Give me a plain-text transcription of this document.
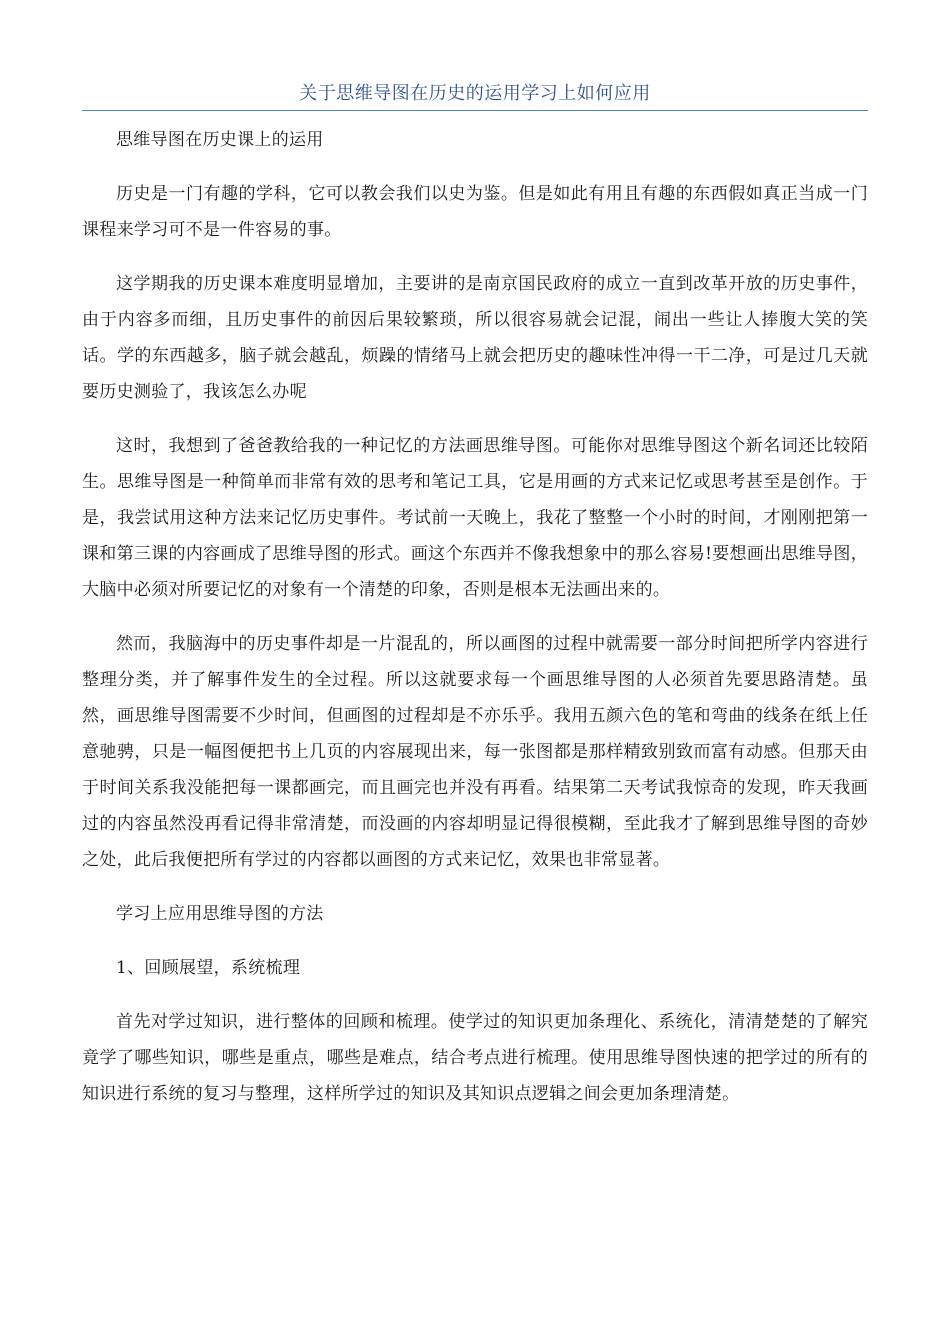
关于思维导图在历史的运用学习上如何应用

思维导图在历史课上的运用

历史是一门有趣的学科，它可以教会我们以史为鉴。但是如此有用且有趣的东西假如真正当成一门课程来学习可不是一件容易的事。

这学期我的历史课本难度明显增加，主要讲的是南京国民政府的成立一直到改革开放的历史事件，由于内容多而细，且历史事件的前因后果较繁琐，所以很容易就会记混，闹出一些让人捧腹大笑的笑话。学的东西越多，脑子就会越乱，烦躁的情绪马上就会把历史的趣味性冲得一干二净，可是过几天就要历史测验了，我该怎么办呢

这时，我想到了爸爸教给我的一种记忆的方法画思维导图。可能你对思维导图这个新名词还比较陌生。思维导图是一种简单而非常有效的思考和笔记工具，它是用画的方式来记忆或思考甚至是创作。于是，我尝试用这种方法来记忆历史事件。考试前一天晚上，我花了整整一个小时的时间，才刚刚把第一课和第三课的内容画成了思维导图的形式。画这个东西并不像我想象中的那么容易!要想画出思维导图，大脑中必须对所要记忆的对象有一个清楚的印象，否则是根本无法画出来的。

然而，我脑海中的历史事件却是一片混乱的，所以画图的过程中就需要一部分时间把所学内容进行整理分类，并了解事件发生的全过程。所以这就要求每一个画思维导图的人必须首先要思路清楚。虽然，画思维导图需要不少时间，但画图的过程却是不亦乐乎。我用五颜六色的笔和弯曲的线条在纸上任意驰骋，只是一幅图便把书上几页的内容展现出来，每一张图都是那样精致别致而富有动感。但那天由于时间关系我没能把每一课都画完，而且画完也并没有再看。结果第二天考试我惊奇的发现，昨天我画过的内容虽然没再看记得非常清楚，而没画的内容却明显记得很模糊，至此我才了解到思维导图的奇妙之处，此后我便把所有学过的内容都以画图的方式来记忆，效果也非常显著。

学习上应用思维导图的方法

1、回顾展望，系统梳理

首先对学过知识，进行整体的回顾和梳理。使学过的知识更加条理化、系统化，清清楚楚的了解究竟学了哪些知识，哪些是重点，哪些是难点，结合考点进行梳理。使用思维导图快速的把学过的所有的知识进行系统的复习与整理，这样所学过的知识及其知识点逻辑之间会更加条理清楚。
